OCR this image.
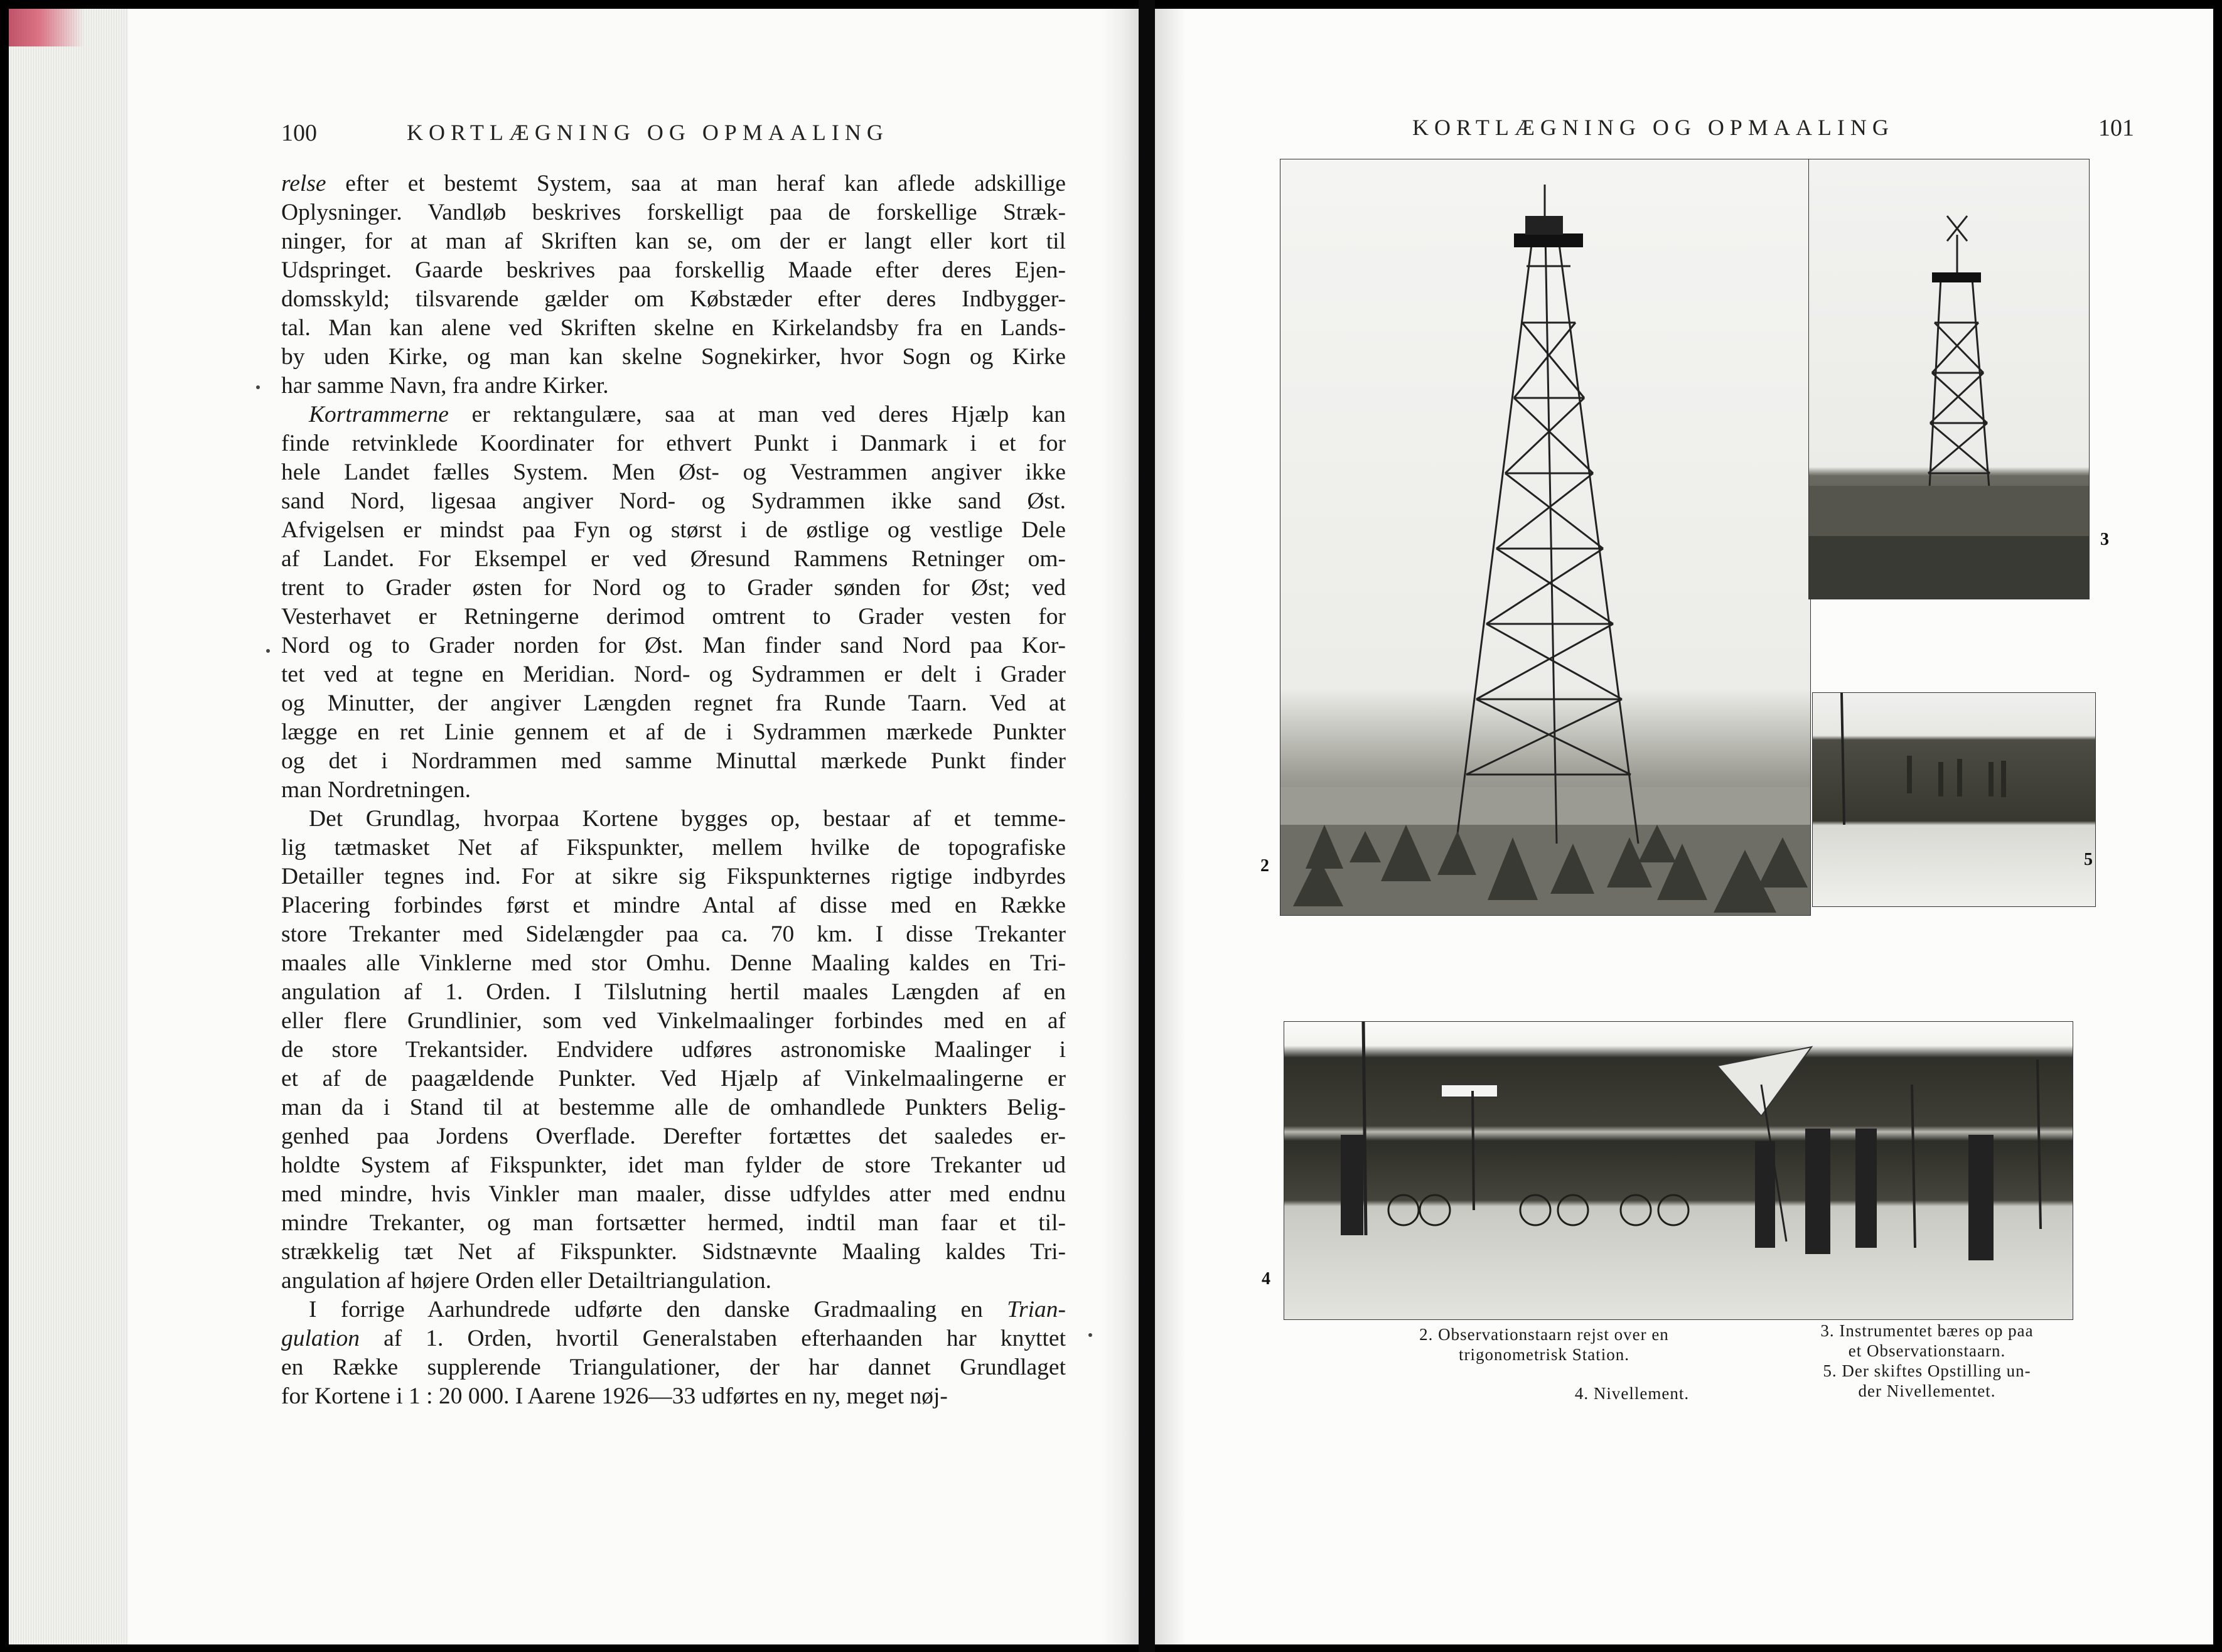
100	KORTLÆGNING OG OPMAALING
relse efter et bestemt System, saa at man heraf kan aflede adskillige
Oplysninger. Vandløb beskrives forskelligt paa de forskellige Stræk-
ninger, for at man af Skriften kan se, om der er langt eller kort til
Udspringet. Gaarde beskrives paa forskellig Maade efter deres Ejen-
domsskyld; tilsvarende gælder om Købstæder efter deres Indbygger-
tal. Man kan alene ved Skriften skelne en Kirkelandsby fra en Lands-
by uden Kirke, og man kan skelne Sognekirker, hvor Sogn og Kirke
har samme Navn, fra andre Kirker.
Kortrammerne er rektangulære, saa at man ved deres Hjælp kan
finde retvinklede Koordinater for ethvert Punkt i Danmark i et for
hele Landet fælles System. Men Øst- og Vestrammen angiver ikke
sand Nord, ligesaa angiver Nord- og Sydrammen ikke sand Øst.
Afvigelsen er mindst paa Fyn og størst i de østlige og vestlige Dele
af Landet. For Eksempel er ved Øresund Rammens Retninger om-
trent to Grader østen for Nord og to Grader sønden for Øst; ved
Vesterhavet er Retningerne derimod omtrent to Grader vesten for
Nord og to Grader norden for Øst. Man finder sand Nord paa Kor-
tet ved at tegne en Meridian. Nord- og Sydrammen er delt i Grader
og Minutter, der angiver Længden regnet fra Runde Taarn. Ved at
lægge en ret Linie gennem et af de i Sydrammen mærkede Punkter
og det i Nordrammen med samme Minuttal mærkede Punkt finder
man Nordretningen.
Det Grundlag, hvorpaa Kortene bygges op, bestaar af et temme-
lig tætmasket Net af Fikspunkter, mellem hvilke de topografiske
Detailler tegnes ind. For at sikre sig Fikspunkternes rigtige indbyrdes
Placering forbindes først et mindre Antal af disse med en Række
store Trekanter med Sidelængder paa ca. 70 km. I disse Trekanter
maales alle Vinklerne med stor Omhu. Denne Maaling kaldes en Tri-
angulation af 1. Orden. I Tilslutning hertil maales Længden af en
eller flere Grundlinier, som ved Vinkelmaalinger forbindes med en af
de store Trekantsider. Endvidere udføres astronomiske Maalinger i
et af de paagældende Punkter. Ved Hjælp af Vinkelmaalingerne er
man da i Stand til at bestemme alle de omhandlede Punkters Belig-
genhed paa Jordens Overflade. Derefter fortættes det saaledes er-
holdte System af Fikspunkter, idet man fylder de store Trekanter ud
med mindre, hvis Vinkler man maaler, disse udfyldes atter med endnu
mindre Trekanter, og man fortsætter hermed, indtil man faar et til-
strækkelig tæt Net af Fikspunkter. Sidstnævnte Maaling kaldes Tri-
angulation af højere Orden eller Detailtriangulation.
I forrige Aarhundrede udførte den danske Gradmaaling en Trian-
gulation af 1. Orden, hvortil Generalstaben efterhaanden har knyttet
en Række supplerende Triangulationer, der har dannet Grundlaget
for Kortene i 1 : 20 000. I Aarene 1926—33 udførtes en ny, meget nøj-
KORTLÆGNING OG OPMAALING	101
2
3
5
4
2. Observationstaarn rejst over en
trigonometrisk Station.
3. Instrumentet bæres op paa
et Observationstaarn.
5. Der skiftes Opstilling un-
der Nivellementet.
4. Nivellement.
